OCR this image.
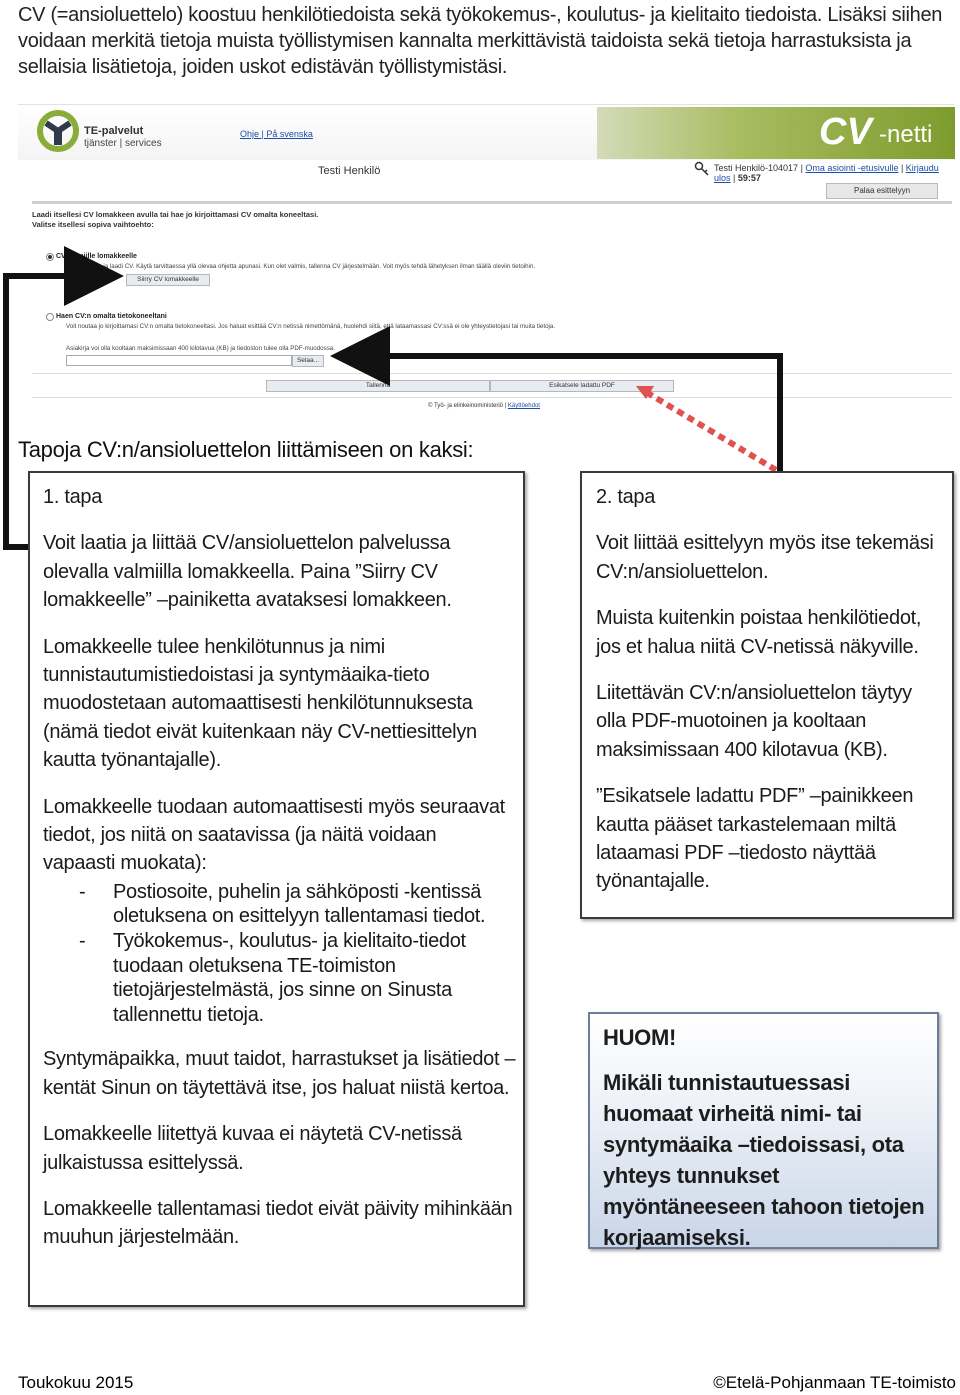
CV (=ansioluettelo) koostuu henkilötiedoista sekä työkokemus-, koulutus- ja kielitaito tiedoista. Lisäksi siihen voidaan merkitä tietoja muista työllistymisen kannalta merkittävistä taidoista sekä tietoja harrastuksista ja sellaisia lisätietoja, joiden uskot edistävän työllistymistäsi.

TE-palvelut
tjänster | services
Ohje | På svenska	CV -netti
Testi Henkilö	Testi Henkilö-104017 | Oma asiointi -etusivulle | Kirjaudu ulos | 59:57
Palaa esittelyyn
Laadi itsellesi CV lomakkeen avulla tai hae jo kirjoittamasi CV omalta koneeltasi.
Valitse itsellesi sopiva vaihtoehto:
CV valmiille lomakkeelle
Avaa lomake ja laadi CV. Käytä tarvittaessa yllä olevaa ohjetta apunasi. Kun olet valmis, tallenna CV järjestelmään. Voit myös tehdä lähetyksen ilman täällä oleviin tietoihin.
Siirry CV lomakkeelle
Haen CV:n omalta tietokoneeltani
Voit noutaa jo kirjoittamasi CV:n omalta tietokoneeltasi. Jos haluat esittää CV:n netissä nimettömänä, huolehdi siitä, että lataamassasi CV:ssä ei ole yhteystietojasi tai muita tietoja.
Asiakirja voi olla kooltaan maksimissaan 400 kilotavua (KB) ja tiedoston tulee olla PDF-muodossa.
Selaa...
Tallenna	Esikatsele ladattu PDF
© Työ- ja elinkeinoministeriö | Käyttöehdot
Tapoja CV:n/ansioluettelon liittämiseen on kaksi:

1. tapa

Voit laatia ja liittää CV/ansioluettelon palvelussa olevalla valmiilla lomakkeella. Paina ”Siirry CV lomakkeelle” –painiketta avataksesi lomakkeen.

Lomakkeelle tulee henkilötunnus ja nimi tunnistautumistiedoistasi ja syntymäaika-tieto muodostetaan automaattisesti henkilötunnuksesta (nämä tiedot eivät kuitenkaan näy CV-nettiesittelyn kautta työnantajalle).

Lomakkeelle tuodaan automaattisesti myös seuraavat tiedot, jos niitä on saatavissa (ja näitä voidaan vapaasti muokata):

-	Postiosoite, puhelin ja sähköposti -kentissä oletuksena on esittelyyn tallentamasi tiedot.
-	Työkokemus-, koulutus- ja kielitaito-tiedot tuodaan oletuksena TE-toimiston tietojärjestelmästä, jos sinne on Sinusta tallennettu tietoja.

Syntymäpaikka, muut taidot, harrastukset ja lisätiedot –kentät Sinun on täytettävä itse, jos haluat niistä kertoa.

Lomakkeelle liitettyä kuvaa ei näytetä CV-netissä julkaistussa esittelyssä.

Lomakkeelle tallentamasi tiedot eivät päivity mihinkään muuhun järjestelmään.

2. tapa

Voit liittää esittelyyn myös itse tekemäsi CV:n/ansioluettelon.

Muista kuitenkin poistaa henkilötiedot, jos et halua niitä CV-netissä näkyville.

Liitettävän CV:n/ansioluettelon täytyy olla PDF-muotoinen ja kooltaan maksimissaan 400 kilotavua (KB).

”Esikatsele ladattu PDF” –painikkeen kautta pääset tarkastelemaan miltä lataamasi PDF –tiedosto näyttää työnantajalle.

HUOM!

Mikäli tunnistautuessasi huomaat virheitä nimi- tai syntymäaika –tiedoissasi, ota yhteys tunnukset myöntäneeseen tahoon tietojen korjaamiseksi.

Toukokuu 2015	©Etelä-Pohjanmaan TE-toimisto
